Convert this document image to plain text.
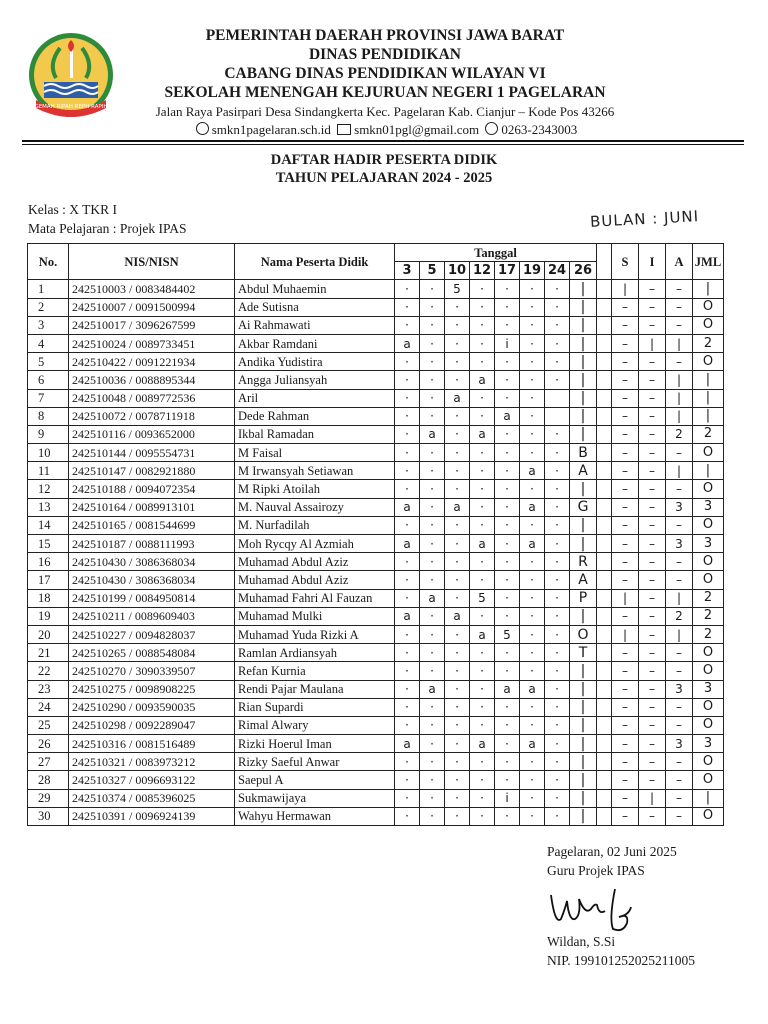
GEMAH RIPAH REPH RAPIH
PEMERINTAH DAERAH PROVINSI JAWA BARAT
DINAS PENDIDIKAN
CABANG DINAS PENDIDIKAN WILAYAN VI
SEKOLAH MENENGAH KEJURUAN NEGERI 1 PAGELARAN
Jalan Raya Pasirpari Desa Sindangkerta Kec. Pagelaran Kab. Cianjur – Kode Pos 43266
smkn1pagelaran.sch.id smkn01pgl@gmail.com 0263-2343003
DAFTAR HADIR PESERTA DIDIK
TAHUN PELAJARAN 2024 - 2025
Kelas : X TKR I
Mata Pelajaran : Projek IPAS	BULAN : JUNI
No.	NIS/NISN	Nama Peserta Didik	Tanggal									S	I	A	JML
			3	5	10	12	17	19	24	26					
1	242510003 / 0083484402	Abdul Muhaemin	·	·	5	·	·	·	·	|		|	–	–	|
2	242510007 / 0091500994	Ade Sutisna	·	·	·	·	·	·	·	|		–	–	–	O
3	242510017 / 3096267599	Ai Rahmawati	·	·	·	·	·	·	·	|		–	–	–	O
4	242510024 / 0089733451	Akbar Ramdani	a	·	·	·	i	·	·	|		–	|	|	2
5	242510422 / 0091221934	Andika Yudistira	·	·	·	·	·	·	·	|		–	–	–	O
6	242510036 / 0088895344	Angga Juliansyah	·	·	·	a	·	·	·	|		–	–	|	|
7	242510048 / 0089772536	Aril	·	·	a	·	·	·		|		–	–	|	|
8	242510072 / 0078711918	Dede Rahman	·	·	·	·	a	·		|		–	–	|	|
9	242510116 / 0093652000	Ikbal Ramadan	·	a	·	a	·	·	·	|		–	–	2	2
10	242510144 / 0095554731	M Faisal	·	·	·	·	·	·	·	B		–	–	–	O
11	242510147 / 0082921880	M Irwansyah Setiawan	·	·	·	·	·	a	·	A		–	–	|	|
12	242510188 / 0094072354	M Ripki Atoilah	·	·	·	·	·	·	·	|		–	–	–	O
13	242510164 / 0089913101	M. Nauval Assairozy	a	·	a	·	·	a	·	G		–	–	3	3
14	242510165 / 0081544699	M. Nurfadilah	·	·	·	·	·	·	·	|		–	–	–	O
15	242510187 / 0088111993	Moh Rycqy Al Azmiah	a	·	·	a	·	a	·	|		–	–	3	3
16	242510430 / 3086368034	Muhamad Abdul Aziz	·	·	·	·	·	·	·	R		–	–	–	O
17	242510430 / 3086368034	Muhamad Abdul Aziz	·	·	·	·	·	·	·	A		–	–	–	O
18	242510199 / 0084950814	Muhamad Fahri Al Fauzan	·	a	·	5	·	·	·	P		|	–	|	2
19	242510211 / 0089609403	Muhamad Mulki	a	·	a	·	·	·	·	|		–	–	2	2
20	242510227 / 0094828037	Muhamad Yuda Rizki A	·	·	·	a	5	·	·	O		|	–	|	2
21	242510265 / 0088548084	Ramlan Ardiansyah	·	·	·	·	·	·	·	T		–	–	–	O
22	242510270 / 3090339507	Refan Kurnia	·	·	·	·	·	·	·	|		–	–	–	O
23	242510275 / 0098908225	Rendi Pajar Maulana	·	a	·	·	a	a	·	|		–	–	3	3
24	242510290 / 0093590035	Rian Supardi	·	·	·	·	·	·	·	|		–	–	–	O
25	242510298 / 0092289047	Rimal Alwary	·	·	·	·	·	·	·	|		–	–	–	O
26	242510316 / 0081516489	Rizki Hoerul Iman	a	·	·	a	·	a	·	|		–	–	3	3
27	242510321 / 0083973212	Rizky Saeful Anwar	·	·	·	·	·	·	·	|		–	–	–	O
28	242510327 / 0096693122	Saepul A	·	·	·	·	·	·	·	|		–	–	–	O
29	242510374 / 0085396025	Sukmawijaya	·	·	·	·	i	·	·	|		–	|	–	|
30	242510391 / 0096924139	Wahyu Hermawan	·	·	·	·	·	·	·	|		–	–	–	O
Pagelaran, 02 Juni 2025
Guru Projek IPAS
Wildan, S.Si
NIP. 199101252025211005
